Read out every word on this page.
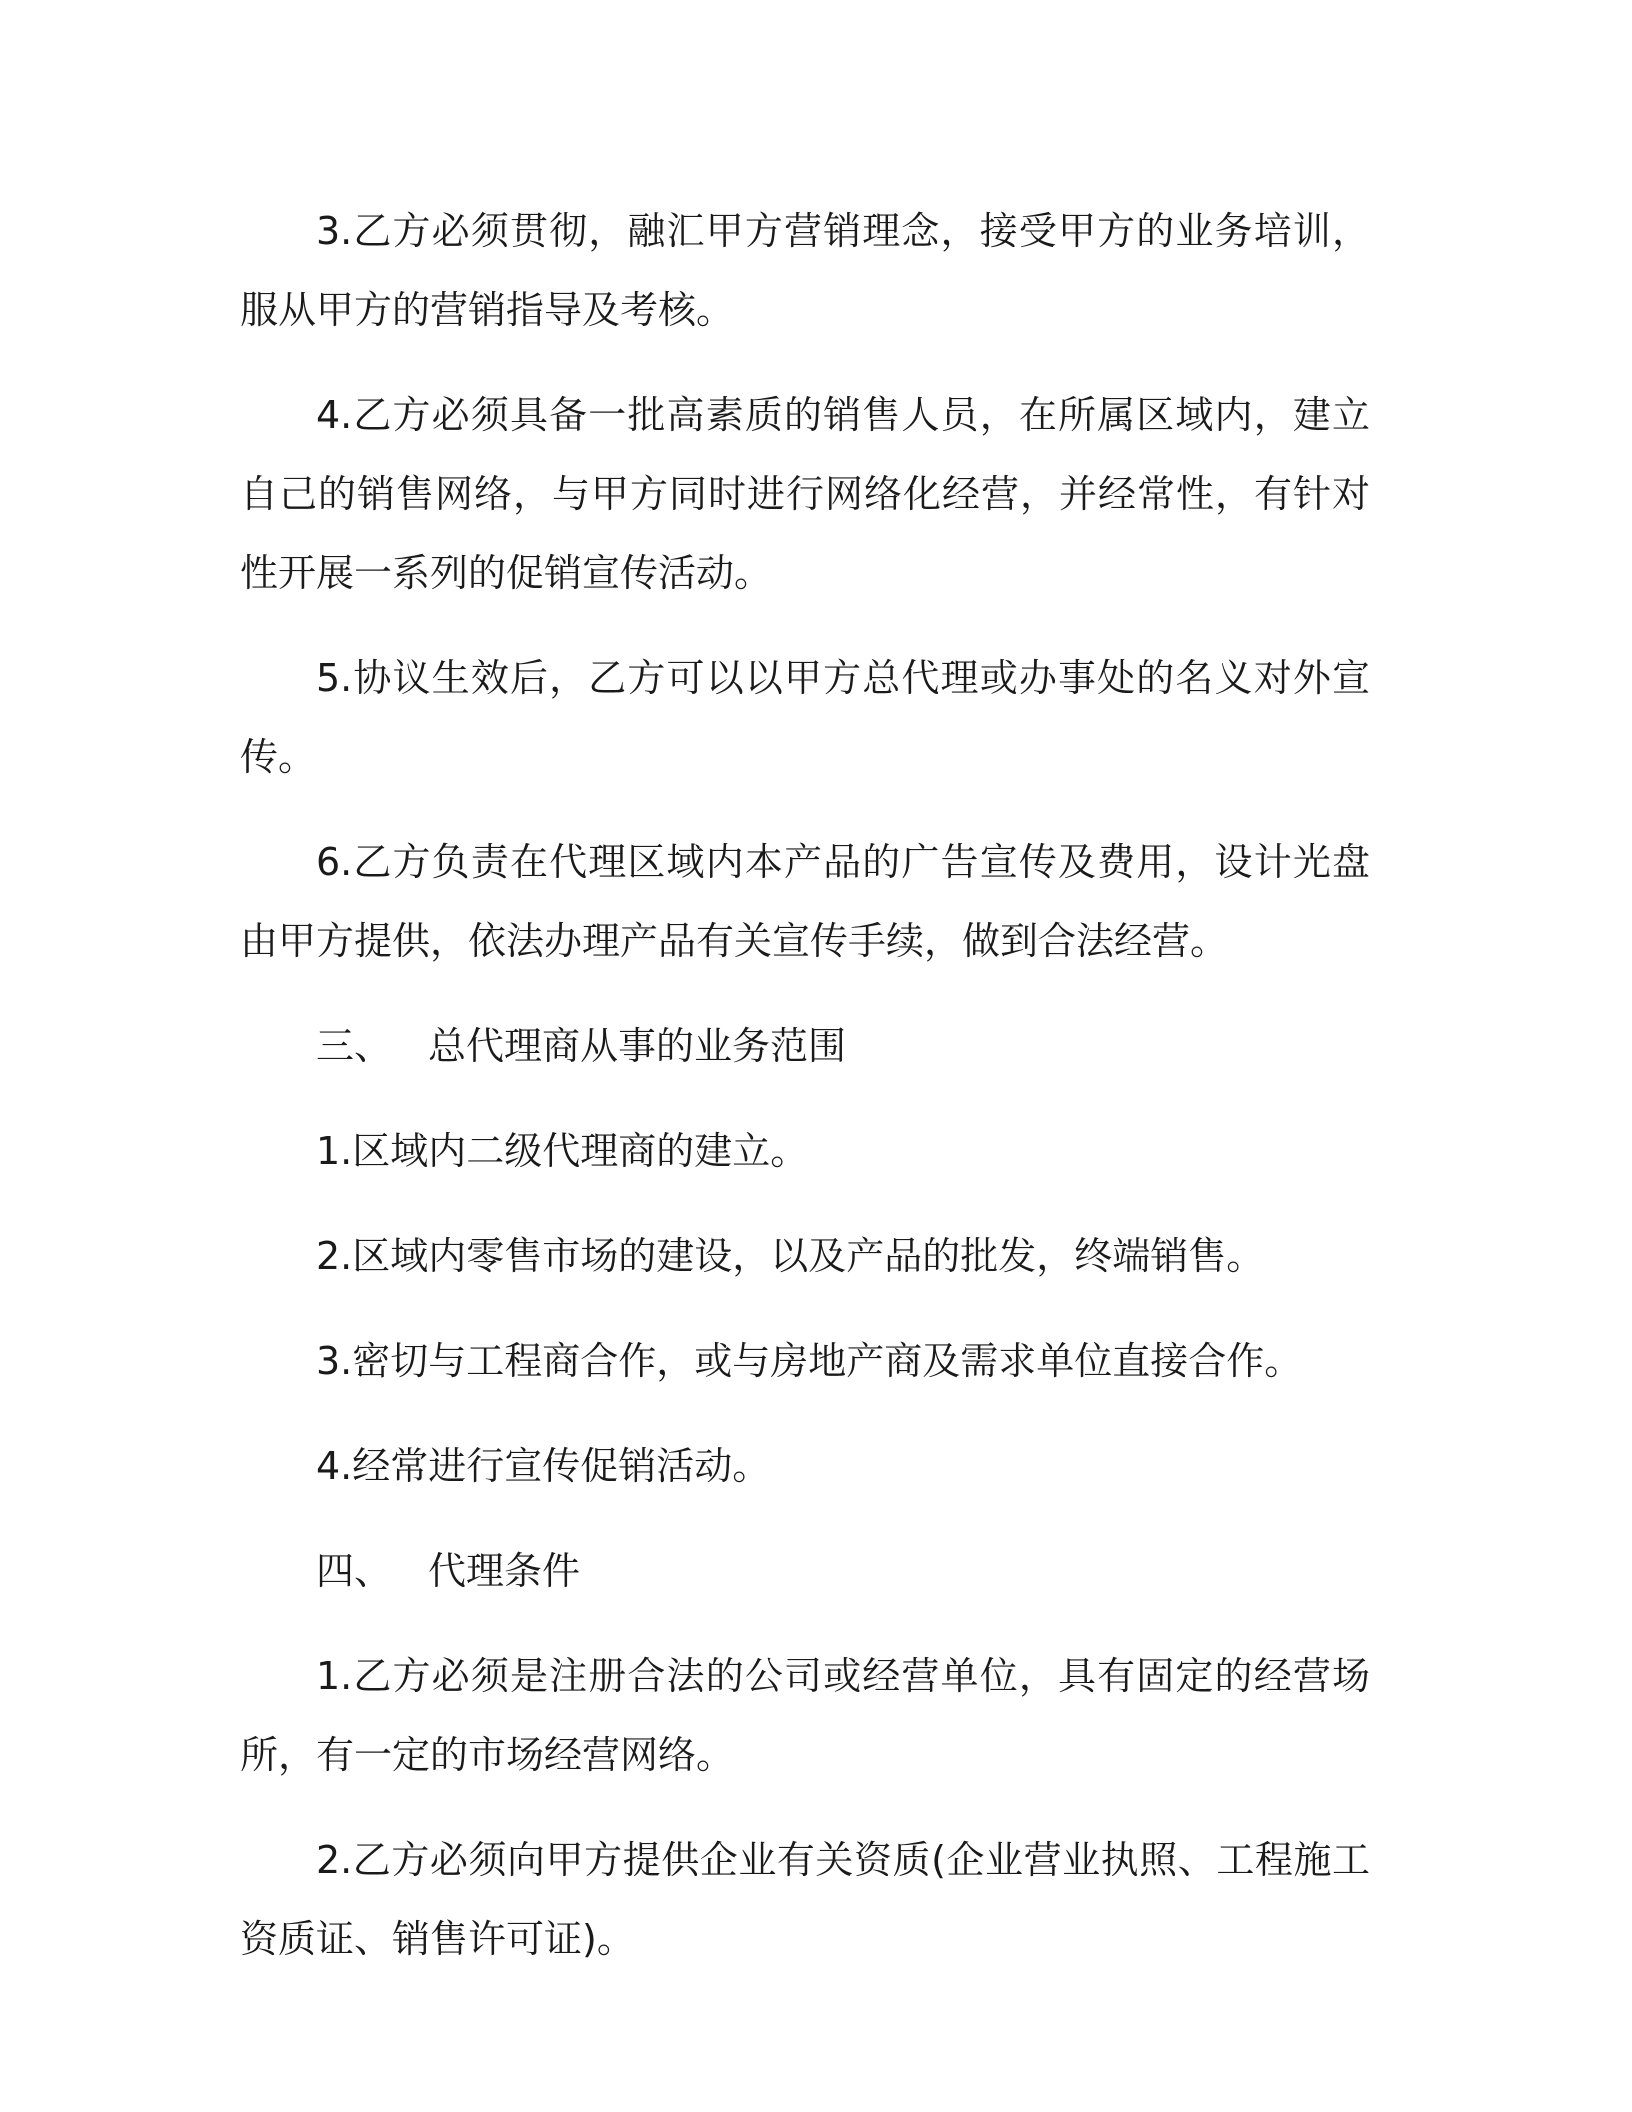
3.乙方必须贯彻，融汇甲方营销理念，接受甲方的业务培训，服从甲方的营销指导及考核。

4.乙方必须具备一批高素质的销售人员，在所属区域内，建立自己的销售网络，与甲方同时进行网络化经营，并经常性，有针对性开展一系列的促销宣传活动。

5.协议生效后，乙方可以以甲方总代理或办事处的名义对外宣传。

6.乙方负责在代理区域内本产品的广告宣传及费用，设计光盘由甲方提供，依法办理产品有关宣传手续，做到合法经营。

三、 总代理商从事的业务范围

1.区域内二级代理商的建立。

2.区域内零售市场的建设，以及产品的批发，终端销售。

3.密切与工程商合作，或与房地产商及需求单位直接合作。

4.经常进行宣传促销活动。

四、 代理条件

1.乙方必须是注册合法的公司或经营单位，具有固定的经营场所，有一定的市场经营网络。

2.乙方必须向甲方提供企业有关资质(企业营业执照、工程施工资质证、销售许可证)。
